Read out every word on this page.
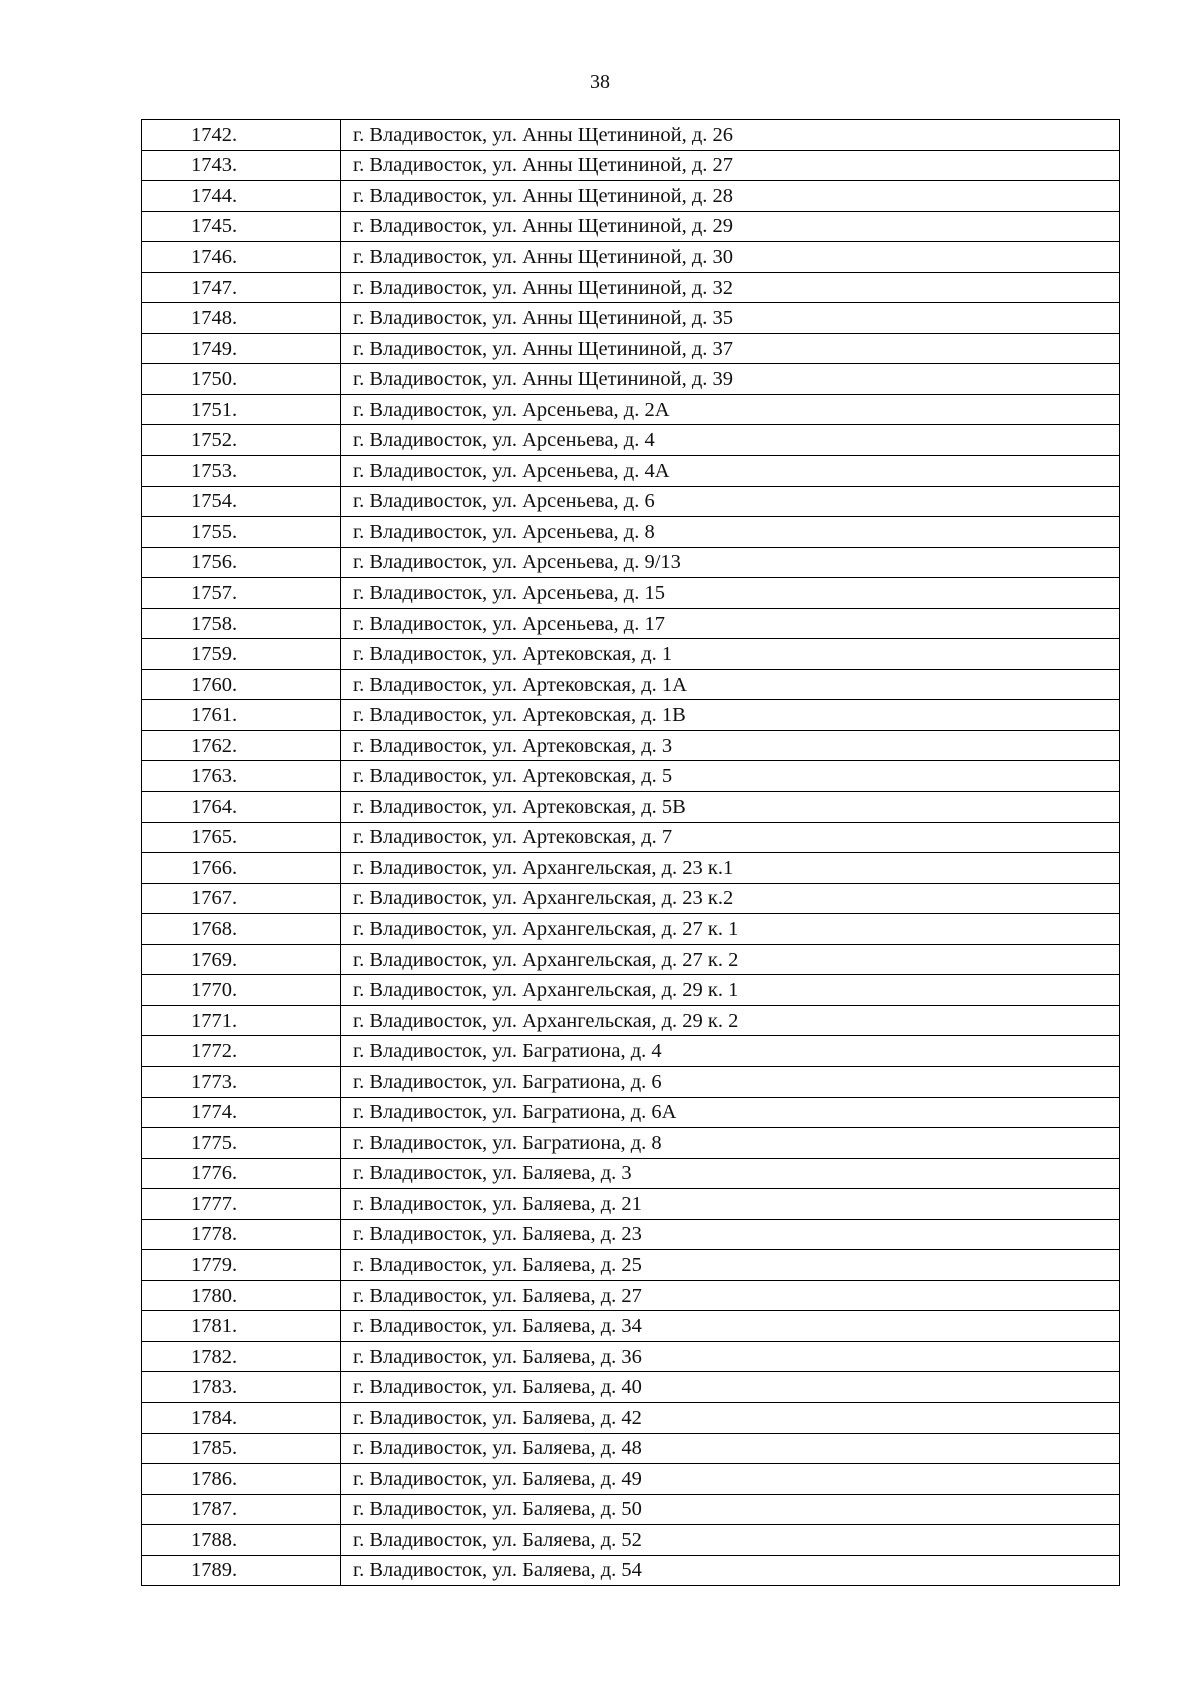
38
1742.	г. Владивосток, ул. Анны Щетининой, д. 26
1743.	г. Владивосток, ул. Анны Щетининой, д. 27
1744.	г. Владивосток, ул. Анны Щетининой, д. 28
1745.	г. Владивосток, ул. Анны Щетининой, д. 29
1746.	г. Владивосток, ул. Анны Щетининой, д. 30
1747.	г. Владивосток, ул. Анны Щетининой, д. 32
1748.	г. Владивосток, ул. Анны Щетининой, д. 35
1749.	г. Владивосток, ул. Анны Щетининой, д. 37
1750.	г. Владивосток, ул. Анны Щетининой, д. 39
1751.	г. Владивосток, ул. Арсеньева, д. 2А
1752.	г. Владивосток, ул. Арсеньева, д. 4
1753.	г. Владивосток, ул. Арсеньева, д. 4А
1754.	г. Владивосток, ул. Арсеньева, д. 6
1755.	г. Владивосток, ул. Арсеньева, д. 8
1756.	г. Владивосток, ул. Арсеньева, д. 9/13
1757.	г. Владивосток, ул. Арсеньева, д. 15
1758.	г. Владивосток, ул. Арсеньева, д. 17
1759.	г. Владивосток, ул. Артековская, д. 1
1760.	г. Владивосток, ул. Артековская, д. 1А
1761.	г. Владивосток, ул. Артековская, д. 1В
1762.	г. Владивосток, ул. Артековская, д. 3
1763.	г. Владивосток, ул. Артековская, д. 5
1764.	г. Владивосток, ул. Артековская, д. 5В
1765.	г. Владивосток, ул. Артековская, д. 7
1766.	г. Владивосток, ул. Архангельская, д. 23 к.1
1767.	г. Владивосток, ул. Архангельская, д. 23 к.2
1768.	г. Владивосток, ул. Архангельская, д. 27 к. 1
1769.	г. Владивосток, ул. Архангельская, д. 27 к. 2
1770.	г. Владивосток, ул. Архангельская, д. 29 к. 1
1771.	г. Владивосток, ул. Архангельская, д. 29 к. 2
1772.	г. Владивосток, ул. Багратиона, д. 4
1773.	г. Владивосток, ул. Багратиона, д. 6
1774.	г. Владивосток, ул. Багратиона, д. 6А
1775.	г. Владивосток, ул. Багратиона, д. 8
1776.	г. Владивосток, ул. Баляева, д. 3
1777.	г. Владивосток, ул. Баляева, д. 21
1778.	г. Владивосток, ул. Баляева, д. 23
1779.	г. Владивосток, ул. Баляева, д. 25
1780.	г. Владивосток, ул. Баляева, д. 27
1781.	г. Владивосток, ул. Баляева, д. 34
1782.	г. Владивосток, ул. Баляева, д. 36
1783.	г. Владивосток, ул. Баляева, д. 40
1784.	г. Владивосток, ул. Баляева, д. 42
1785.	г. Владивосток, ул. Баляева, д. 48
1786.	г. Владивосток, ул. Баляева, д. 49
1787.	г. Владивосток, ул. Баляева, д. 50
1788.	г. Владивосток, ул. Баляева, д. 52
1789.	г. Владивосток, ул. Баляева, д. 54
